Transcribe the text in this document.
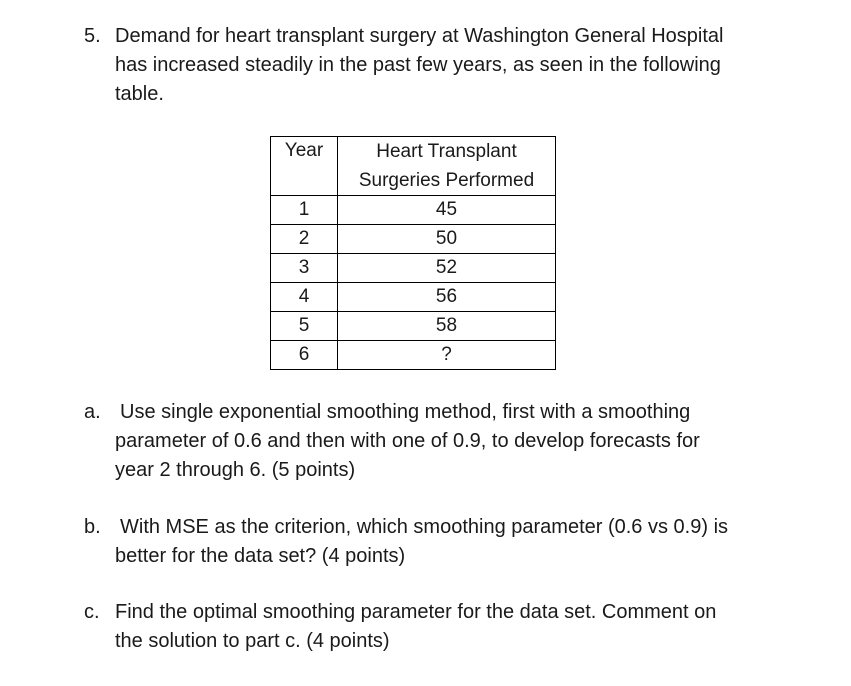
5. Demand for heart transplant surgery at Washington General Hospital
has increased steadily in the past few years, as seen in the following
table.
Year	Heart Transplant
Surgeries Performed

1	45
2	50
3	52
4	56
5	58
6	?
a. Use single exponential smoothing method, first with a smoothing
parameter of 0.6 and then with one of 0.9, to develop forecasts for
year 2 through 6. (5 points)
b. With MSE as the criterion, which smoothing parameter (0.6 vs 0.9) is
better for the data set? (4 points)
c. Find the optimal smoothing parameter for the data set. Comment on
the solution to part c. (4 points)
